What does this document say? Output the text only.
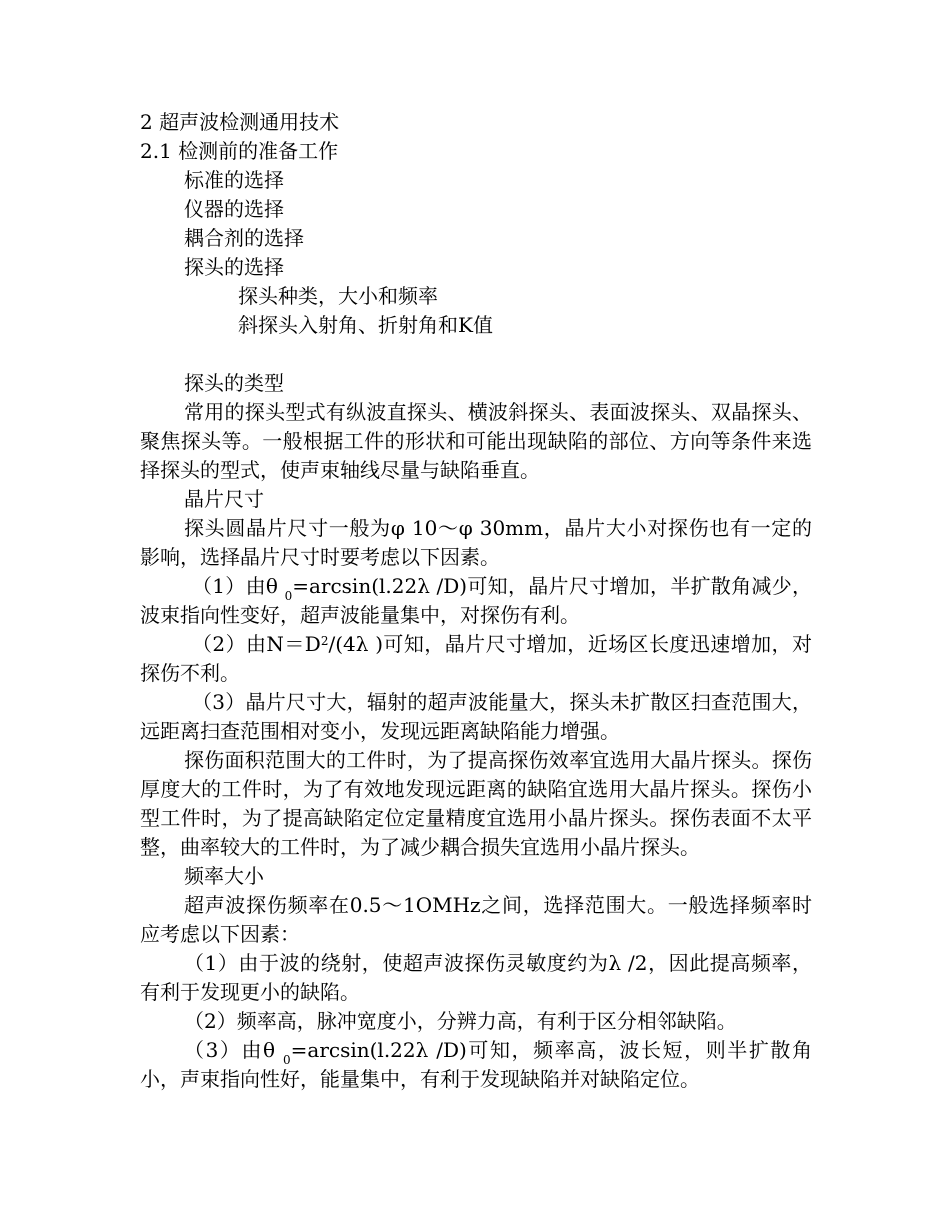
2 超声波检测通用技术
2.1 检测前的准备工作
标准的选择
仪器的选择
耦合剂的选择
探头的选择
探头种类，大小和频率
斜探头入射角、折射角和K值
探头的类型
常用的探头型式有纵波直探头、横波斜探头、表面波探头、双晶探头、聚焦探头等。一般根据工件的形状和可能出现缺陷的部位、方向等条件来选择探头的型式，使声束轴线尽量与缺陷垂直。
晶片尺寸
探头圆晶片尺寸一般为φ 10～φ 30mm，晶片大小对探伤也有一定的影响，选择晶片尺寸时要考虑以下因素。
（1）由θ $_0$=arcsin(l.22λ /D)可知，晶片尺寸增加，半扩散角减少，波束指向性变好，超声波能量集中，对探伤有利。
（2）由$N=D^2/(4\lambda$ )可知，晶片尺寸增加，近场区长度迅速增加，对探伤不利。
（3）晶片尺寸大，辐射的超声波能量大，探头未扩散区扫查范围大，远距离扫查范围相对变小，发现远距离缺陷能力增强。
探伤面积范围大的工件时，为了提高探伤效率宜选用大晶片探头。探伤厚度大的工件时，为了有效地发现远距离的缺陷宜选用大晶片探头。探伤小型工件时，为了提高缺陷定位定量精度宜选用小晶片探头。探伤表面不太平整，曲率较大的工件时，为了减少耦合损失宜选用小晶片探头。
频率大小
超声波探伤频率在0.5～1OMHz之间，选择范围大。一般选择频率时应考虑以下因素：
（1）由于波的绕射，使超声波探伤灵敏度约为λ /2，因此提高频率，有利于发现更小的缺陷。
（2）频率高，脉冲宽度小，分辨力高，有利于区分相邻缺陷。
（3）由θ $_0$=arcsin(l.22λ /D)可知，频率高，波长短，则半扩散角小，声束指向性好，能量集中，有利于发现缺陷并对缺陷定位。
